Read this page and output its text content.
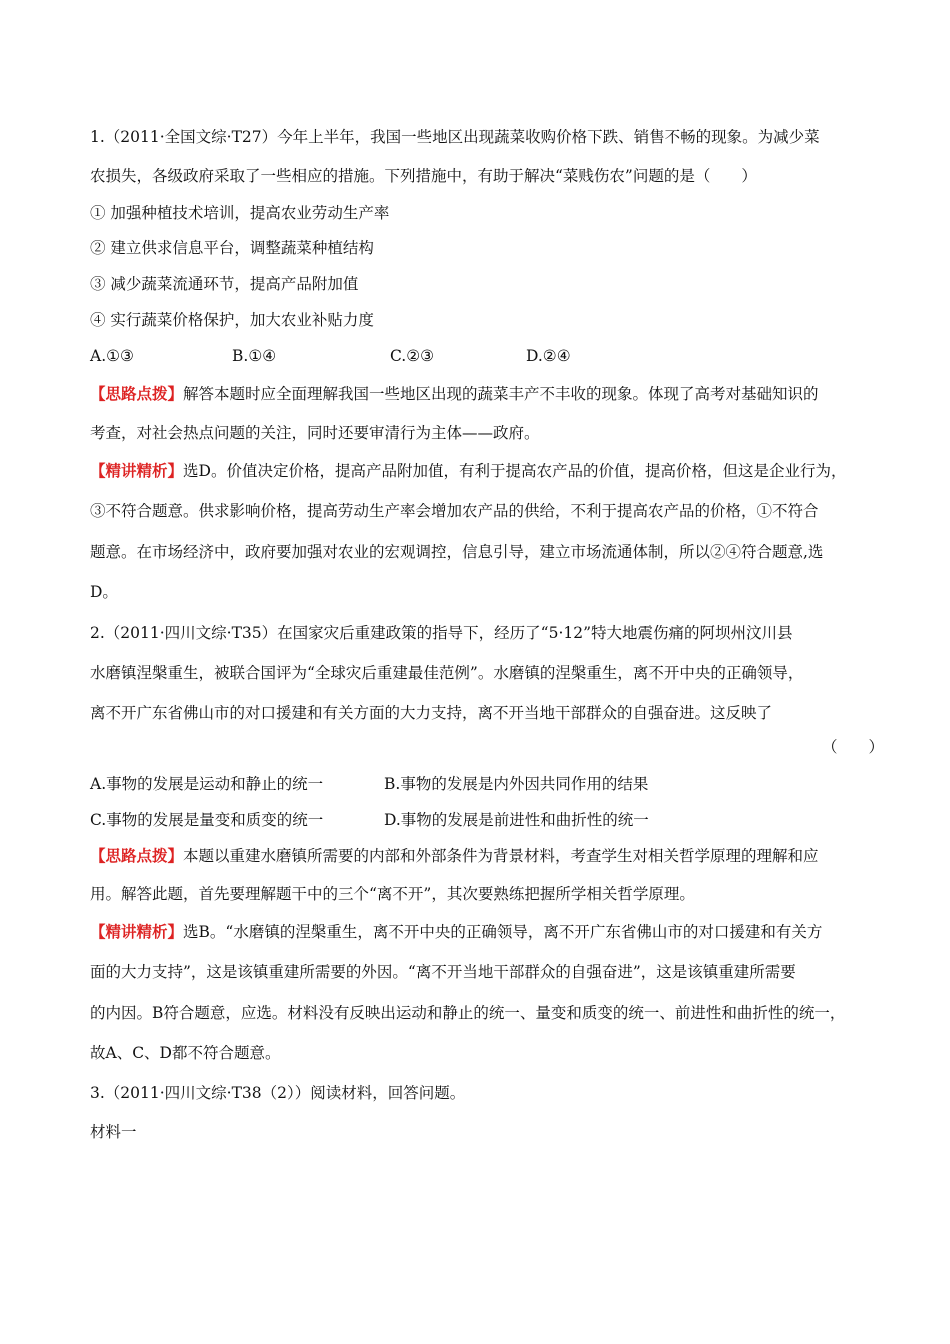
1.（2011·全国文综·T27）今年上半年，我国一些地区出现蔬菜收购价格下跌、销售不畅的现象。为减少菜
农损失，各级政府采取了一些相应的措施。下列措施中，有助于解决“菜贱伤农”问题的是（　　）
① 加强种植技术培训，提高农业劳动生产率
② 建立供求信息平台，调整蔬菜种植结构
③ 减少蔬菜流通环节，提高产品附加值
④ 实行蔬菜价格保护，加大农业补贴力度
A.①③	B.①④	C.②③	D.②④
【思路点拨】解答本题时应全面理解我国一些地区出现的蔬菜丰产不丰收的现象。体现了高考对基础知识的
考查，对社会热点问题的关注，同时还要审清行为主体——政府。
【精讲精析】选D。价值决定价格，提高产品附加值，有利于提高农产品的价值，提高价格，但这是企业行为，
③不符合题意。供求影响价格，提高劳动生产率会增加农产品的供给，不利于提高农产品的价格，①不符合
题意。在市场经济中，政府要加强对农业的宏观调控，信息引导，建立市场流通体制，所以②④符合题意,选
D。
2.（2011·四川文综·T35）在国家灾后重建政策的指导下，经历了“5·12”特大地震伤痛的阿坝州汶川县
水磨镇涅槃重生，被联合国评为“全球灾后重建最佳范例”。水磨镇的涅槃重生，离不开中央的正确领导，
离不开广东省佛山市的对口援建和有关方面的大力支持，离不开当地干部群众的自强奋进。这反映了
（　　）
A.事物的发展是运动和静止的统一	B.事物的发展是内外因共同作用的结果
C.事物的发展是量变和质变的统一	D.事物的发展是前进性和曲折性的统一
【思路点拨】本题以重建水磨镇所需要的内部和外部条件为背景材料，考查学生对相关哲学原理的理解和应
用。解答此题，首先要理解题干中的三个“离不开”，其次要熟练把握所学相关哲学原理。
【精讲精析】选B。“水磨镇的涅槃重生，离不开中央的正确领导，离不开广东省佛山市的对口援建和有关方
面的大力支持”，这是该镇重建所需要的外因。“离不开当地干部群众的自强奋进”，这是该镇重建所需要
的内因。B符合题意，应选。材料没有反映出运动和静止的统一、量变和质变的统一、前进性和曲折性的统一，
故A、C、D都不符合题意。
3.（2011·四川文综·T38（2））阅读材料，回答问题。
材料一
